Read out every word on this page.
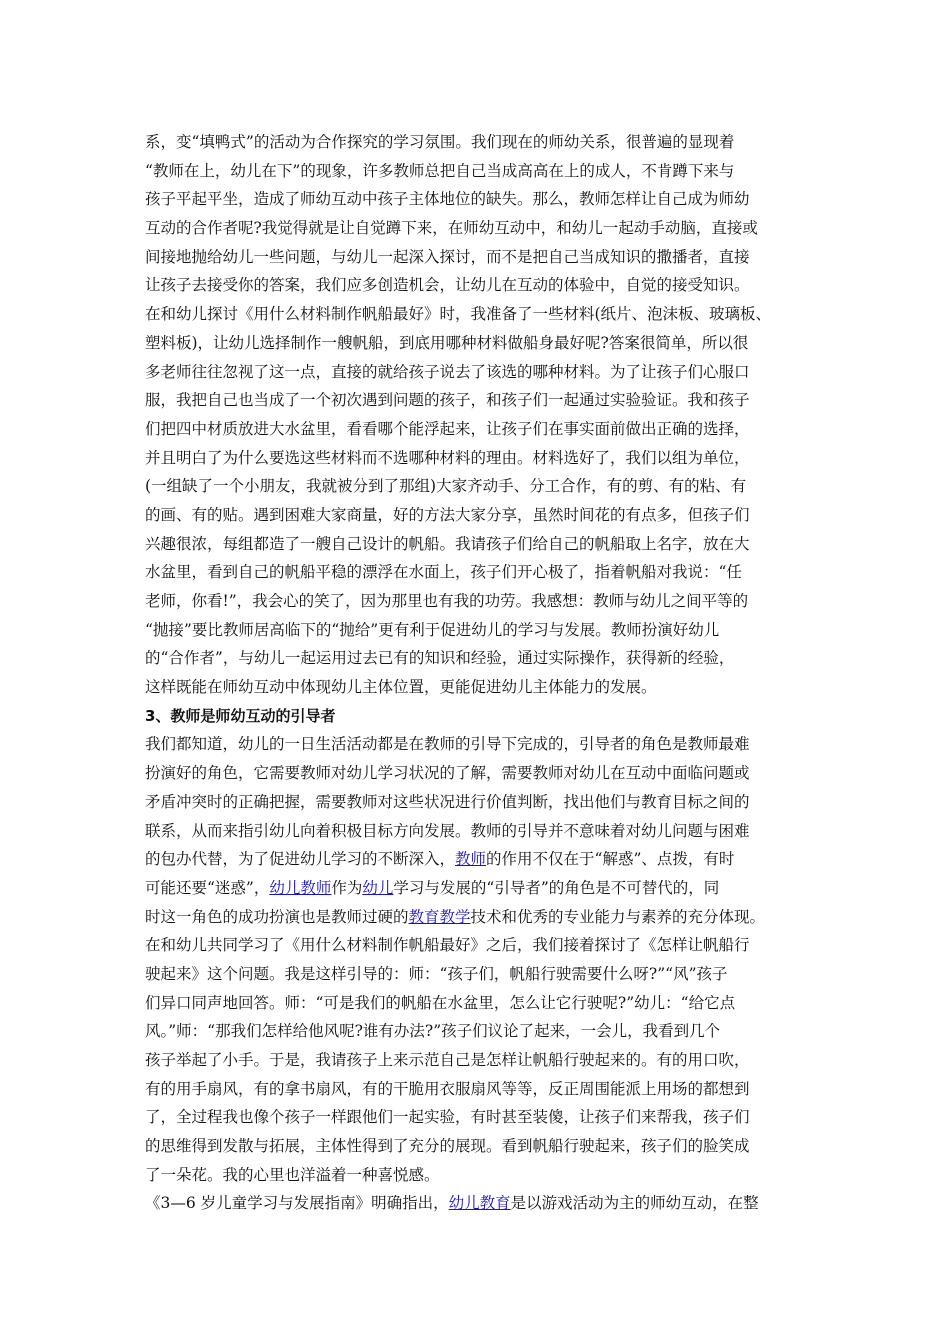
系，变“填鸭式”的活动为合作探究的学习氛围。我们现在的师幼关系，很普遍的显现着
“教师在上，幼儿在下”的现象，许多教师总把自己当成高高在上的成人，不肯蹲下来与
孩子平起平坐，造成了师幼互动中孩子主体地位的缺失。那么，教师怎样让自己成为师幼
互动的合作者呢?我觉得就是让自觉蹲下来，在师幼互动中，和幼儿一起动手动脑，直接或
间接地抛给幼儿一些问题，与幼儿一起深入探讨，而不是把自己当成知识的撒播者，直接
让孩子去接受你的答案，我们应多创造机会，让幼儿在互动的体验中，自觉的接受知识。
在和幼儿探讨《用什么材料制作帆船最好》时，我准备了一些材料(纸片、泡沫板、玻璃板、
塑料板)，让幼儿选择制作一艘帆船，到底用哪种材料做船身最好呢?答案很简单，所以很
多老师往往忽视了这一点，直接的就给孩子说去了该选的哪种材料。为了让孩子们心服口
服，我把自己也当成了一个初次遇到问题的孩子，和孩子们一起通过实验验证。我和孩子
们把四中材质放进大水盆里，看看哪个能浮起来，让孩子们在事实面前做出正确的选择，
并且明白了为什么要选这些材料而不选哪种材料的理由。材料选好了，我们以组为单位，
(一组缺了一个小朋友，我就被分到了那组)大家齐动手、分工合作，有的剪、有的粘、有
的画、有的贴。遇到困难大家商量，好的方法大家分享，虽然时间花的有点多，但孩子们
兴趣很浓，每组都造了一艘自己设计的帆船。我请孩子们给自己的帆船取上名字，放在大
水盆里，看到自己的帆船平稳的漂浮在水面上，孩子们开心极了，指着帆船对我说：“任
老师，你看!”，我会心的笑了，因为那里也有我的功劳。我感想：教师与幼儿之间平等的
“抛接”要比教师居高临下的“抛给”更有利于促进幼儿的学习与发展。教师扮演好幼儿
的“合作者”，与幼儿一起运用过去已有的知识和经验，通过实际操作，获得新的经验，
这样既能在师幼互动中体现幼儿主体位置，更能促进幼儿主体能力的发展。
3、教师是师幼互动的引导者
我们都知道，幼儿的一日生活活动都是在教师的引导下完成的，引导者的角色是教师最难
扮演好的角色，它需要教师对幼儿学习状况的了解，需要教师对幼儿在互动中面临问题或
矛盾冲突时的正确把握，需要教师对这些状况进行价值判断，找出他们与教育目标之间的
联系，从而来指引幼儿向着积极目标方向发展。教师的引导并不意味着对幼儿问题与困难
的包办代替，为了促进幼儿学习的不断深入，教师的作用不仅在于“解惑”、点拨，有时
可能还要“迷惑”，幼儿教师作为幼儿学习与发展的“引导者”的角色是不可替代的，同
时这一角色的成功扮演也是教师过硬的教育教学技术和优秀的专业能力与素养的充分体现。
在和幼儿共同学习了《用什么材料制作帆船最好》之后，我们接着探讨了《怎样让帆船行
驶起来》这个问题。我是这样引导的：师：“孩子们，帆船行驶需要什么呀?”“风”孩子
们异口同声地回答。师：“可是我们的帆船在水盆里，怎么让它行驶呢?”幼儿：“给它点
风。”师：“那我们怎样给他风呢?谁有办法?”孩子们议论了起来，一会儿，我看到几个
孩子举起了小手。于是，我请孩子上来示范自己是怎样让帆船行驶起来的。有的用口吹，
有的用手扇风，有的拿书扇风，有的干脆用衣服扇风等等，反正周围能派上用场的都想到
了，全过程我也像个孩子一样跟他们一起实验，有时甚至装傻，让孩子们来帮我，孩子们
的思维得到发散与拓展，主体性得到了充分的展现。看到帆船行驶起来，孩子们的脸笑成
了一朵花。我的心里也洋溢着一种喜悦感。
《3—6 岁儿童学习与发展指南》明确指出，幼儿教育是以游戏活动为主的师幼互动，在整
